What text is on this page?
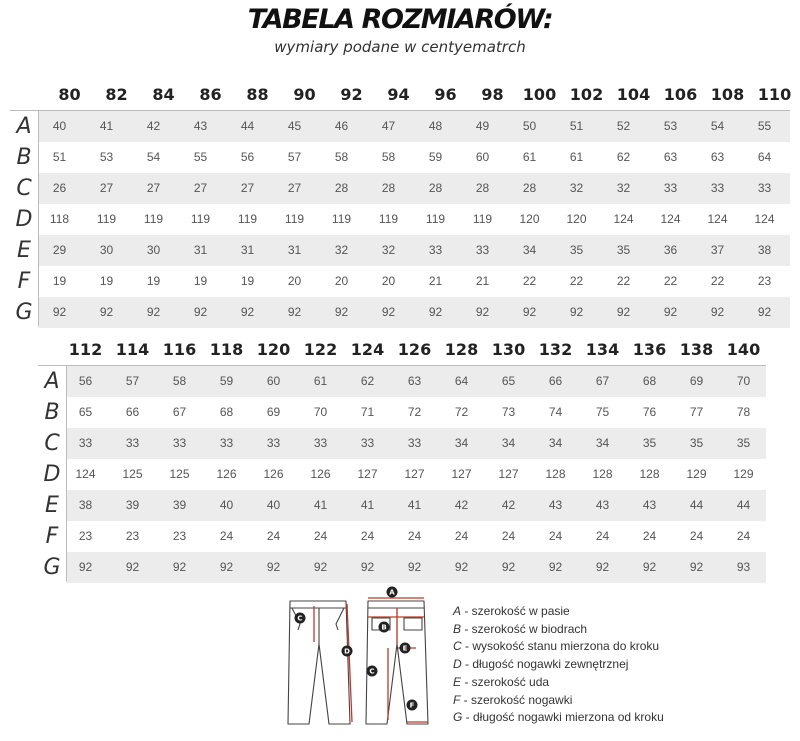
TABELA ROZMIARÓW:
wymiary podane w centyematrch
80	82	84	86	88	90	92	94	96	98	100 102 104 106 108 110
A	40	41	42	43	44	45	46	47	48	49	50	51	52	53	54	55
B	51	53	54	55	56	57	58	58	59	60	61	61	62	63	63	64
C	26	27	27	27	27	27	28	28	28	28	28	32	32	33	33	33
D	118	119	119	119	119	119	119	119	119	119	120	120	124	124	124	124
E	29	30	30	31	31	31	32	32	33	33	34	35	35	36	37	38
F	19	19	19	19	19	20	20	20	21	21	22	22	22	22	22	23
G	92	92	92	92	92	92	92	92	92	92	92	92	92	92	92	92
112 114 116 118 120 122 124 126 128 130 132 134 136 138 140
A	56	57	58	59	60	61	62	63	64	65	66	67	68	69	70
B	65	66	67	68	69	70	71	72	72	73	74	75	76	77	78
C	33	33	33	33	33	33	33	33	34	34	34	34	35	35	35
D	124	125	125	126	126	126	127	127	127	127	128	128	128	129	129
E	38	39	39	40	40	41	41	41	42	42	43	43	43	44	44
F	23	23	23	24	24	24	24	24	24	24	24	24	24	24	24
G	92	92	92	92	92	92	92	92	92	92	92	92	92	92	93
A
B
C
D	E
C
F
A - szerokość w pasie
B - szerokość w biodrach
C - wysokość stanu mierzona do kroku
D - długość nogawki zewnętrznej
E - szerokość uda
F - szerokość nogawki
G - długość nogawki mierzona od kroku
